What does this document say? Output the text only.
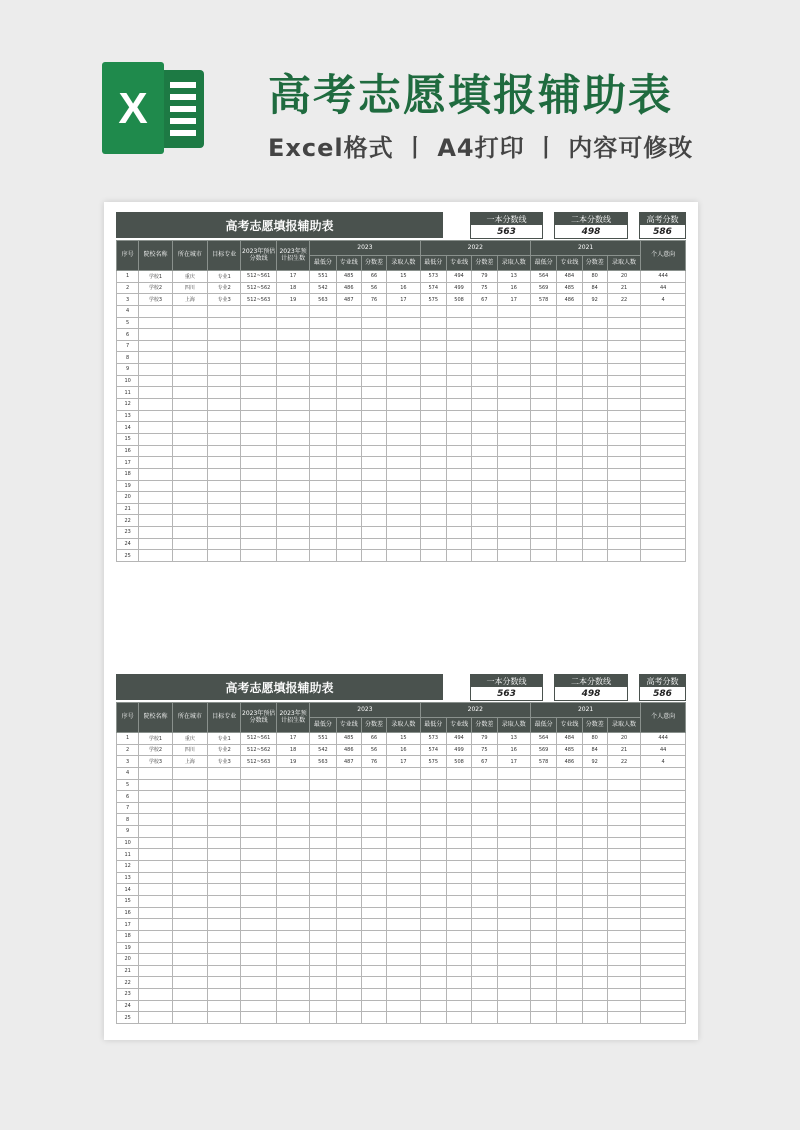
X	高考志愿填报辅助表
Excel格式 丨 A4打印 丨 内容可修改
高考志愿填报辅助表	一本分数线
563
二本分数线
498
高考分数
586
序号	院校名称	所在城市	目标专业	2023年预估分数线	2023年预计招生数	2023				2022				2021				个人意向
						最低分	专业线	分数差	录取人数	最低分	专业线	分数差	录取人数	最低分	专业线	分数差	录取人数	
1	学校1	重庆	专业1	512~561	17	551	485	66	15	573	494	79	13	564	484	80	20	444
2	学校2	四川	专业2	512~562	18	542	486	56	16	574	499	75	16	569	485	84	21	44
3	学校3	上海	专业3	512~563	19	563	487	76	17	575	508	67	17	578	486	92	22	4
4																		
5																		
6																		
7																		
8																		
9																		
10																		
11																		
12																		
13																		
14																		
15																		
16																		
17																		
18																		
19																		
20																		
21																		
22																		
23																		
24																		
25																		
高考志愿填报辅助表	一本分数线
563
二本分数线
498
高考分数
586
序号	院校名称	所在城市	目标专业	2023年预估分数线	2023年预计招生数	2023				2022				2021				个人意向
						最低分	专业线	分数差	录取人数	最低分	专业线	分数差	录取人数	最低分	专业线	分数差	录取人数	
1	学校1	重庆	专业1	512~561	17	551	485	66	15	573	494	79	13	564	484	80	20	444
2	学校2	四川	专业2	512~562	18	542	486	56	16	574	499	75	16	569	485	84	21	44
3	学校3	上海	专业3	512~563	19	563	487	76	17	575	508	67	17	578	486	92	22	4
4																		
5																		
6																		
7																		
8																		
9																		
10																		
11																		
12																		
13																		
14																		
15																		
16																		
17																		
18																		
19																		
20																		
21																		
22																		
23																		
24																		
25																		
